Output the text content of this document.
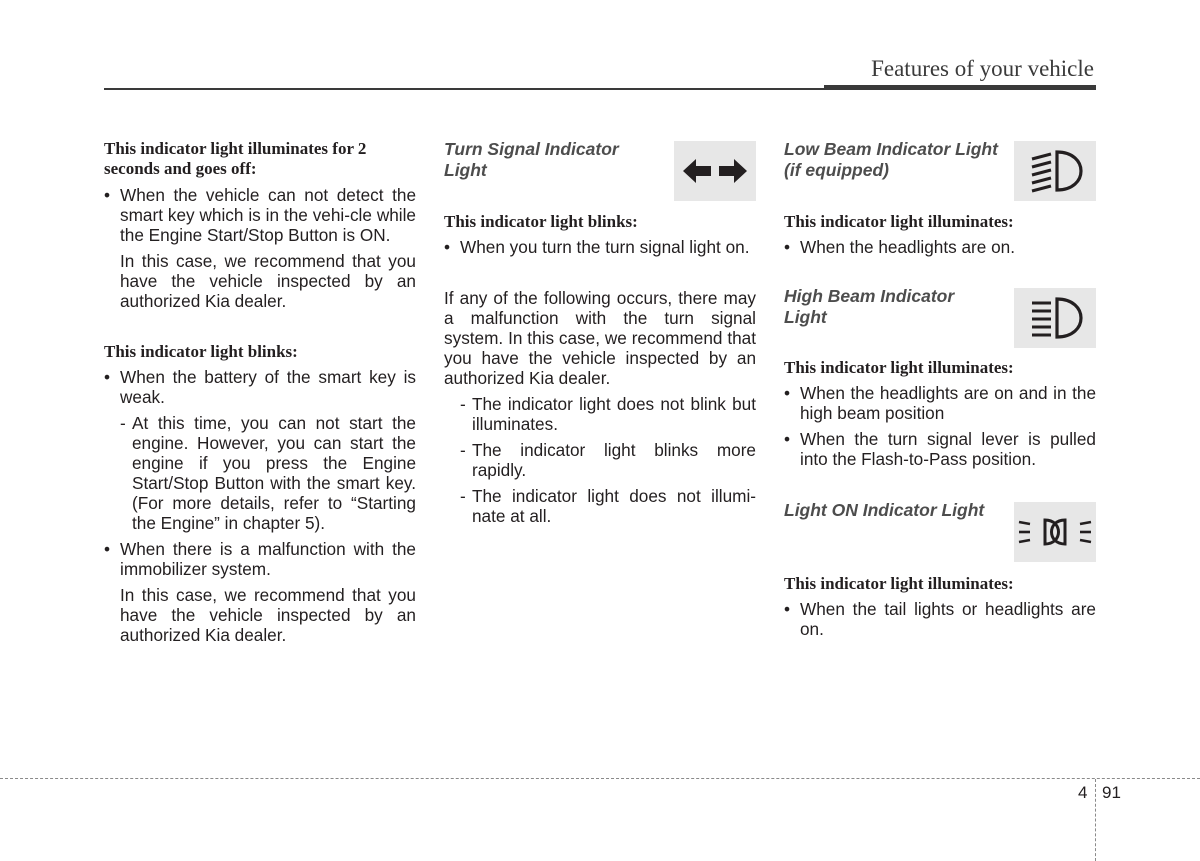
Features of your vehicle
This indicator light illuminates for 2 seconds and goes off:
• When the vehicle can not detect the smart key which is in the vehi-cle while the Engine Start/Stop Button is ON.

In this case, we recommend that you have the vehicle inspected by an authorized Kia dealer.

This indicator light blinks:
• When the battery of the smart key is weak.
- At this time, you can not start the engine. However, you can start the engine if you press the Engine Start/Stop Button with the smart key. (For more details, refer to “Starting the Engine” in chapter 5).
• When there is a malfunction with the immobilizer system.

In this case, we recommend that you have the vehicle inspected by an authorized Kia dealer.

Turn Signal Indicator Light
This indicator light blinks:
• When you turn the turn signal light on.

If any of the following occurs, there may a malfunction with the turn signal system. In this case, we recommend that you have the vehicle inspected by an authorized Kia dealer.

- The indicator light does not blink but illuminates.
- The indicator light blinks more rapidly.
- The indicator light does not illumi-nate at all.
Low Beam Indicator Light (if equipped)
This indicator light illuminates:
• When the headlights are on.
High Beam Indicator Light
This indicator light illuminates:
• When the headlights are on and in the high beam position
• When the turn signal lever is pulled into the Flash-to-Pass position.
Light ON Indicator Light
This indicator light illuminates:
• When the tail lights or headlights are on.
4 91
